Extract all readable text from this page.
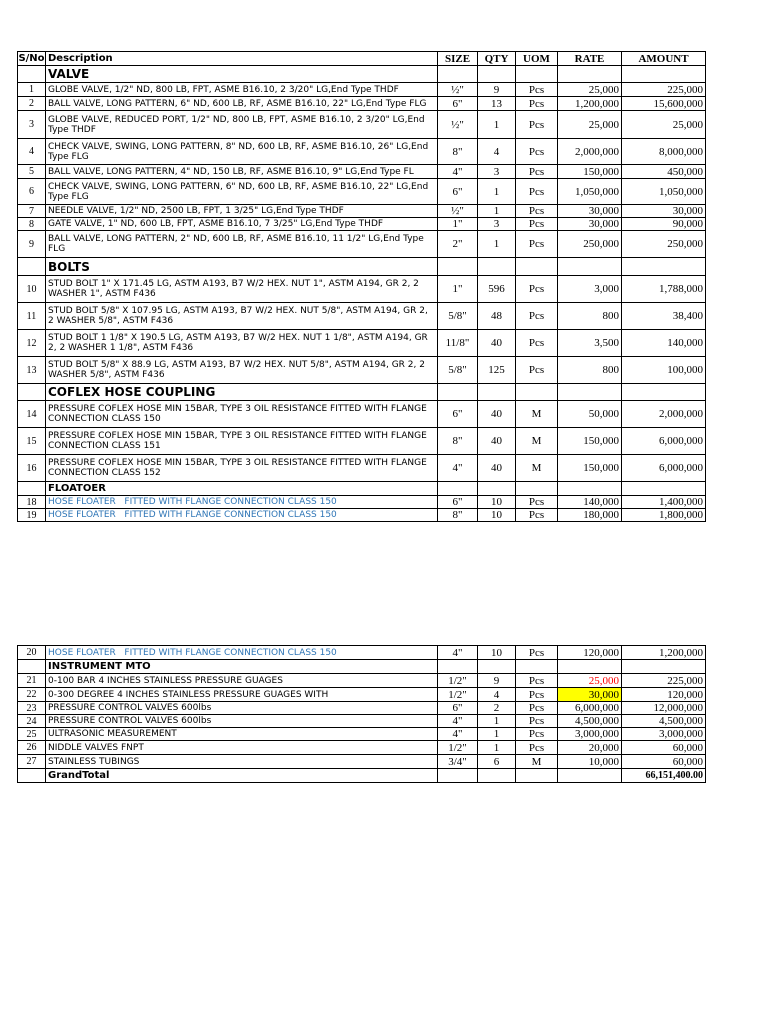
S/No	Description	SIZE	QTY	UOM	RATE	AMOUNT
	VALVE					
1	GLOBE VALVE, 1/2" ND, 800 LB, FPT, ASME B16.10, 2 3/20" LG,End Type THDF	½"	9	Pcs	25,000	225,000
2	BALL VALVE, LONG PATTERN, 6" ND, 600 LB, RF, ASME B16.10, 22" LG,End Type FLG	6"	13	Pcs	1,200,000	15,600,000
3	GLOBE VALVE, REDUCED PORT, 1/2" ND, 800 LB, FPT, ASME B16.10, 2 3/20" LG,End Type THDF	½"	1	Pcs	25,000	25,000
4	CHECK VALVE, SWING, LONG PATTERN, 8" ND, 600 LB, RF, ASME B16.10, 26" LG,End Type FLG	8"	4	Pcs	2,000,000	8,000,000
5	BALL VALVE, LONG PATTERN, 4" ND, 150 LB, RF, ASME B16.10, 9" LG,End Type FL	4"	3	Pcs	150,000	450,000
6	CHECK VALVE, SWING, LONG PATTERN, 6" ND, 600 LB, RF, ASME B16.10, 22" LG,End Type FLG	6"	1	Pcs	1,050,000	1,050,000
7	NEEDLE VALVE, 1/2" ND, 2500 LB, FPT, 1 3/25" LG,End Type THDF	½"	1	Pcs	30,000	30,000
8	GATE VALVE, 1" ND, 600 LB, FPT, ASME B16.10, 7 3/25" LG,End Type THDF	1"	3	Pcs	30,000	90,000
9	BALL VALVE, LONG PATTERN, 2" ND, 600 LB, RF, ASME B16.10, 11 1/2" LG,End Type FLG	2"	1	Pcs	250,000	250,000
	BOLTS					
10	STUD BOLT 1" X 171.45 LG, ASTM A193, B7 W/2 HEX. NUT 1", ASTM A194, GR 2, 2 WASHER 1", ASTM F436	1"	596	Pcs	3,000	1,788,000
11	STUD BOLT 5/8" X 107.95 LG, ASTM A193, B7 W/2 HEX. NUT 5/8", ASTM A194, GR 2, 2 WASHER 5/8", ASTM F436	5/8"	48	Pcs	800	38,400
12	STUD BOLT 1 1/8" X 190.5 LG, ASTM A193, B7 W/2 HEX. NUT 1 1/8", ASTM A194, GR 2, 2 WASHER 1 1/8", ASTM F436	11/8"	40	Pcs	3,500	140,000
13	STUD BOLT 5/8" X 88.9 LG, ASTM A193, B7 W/2 HEX. NUT 5/8", ASTM A194, GR 2, 2 WASHER 5/8", ASTM F436	5/8"	125	Pcs	800	100,000
	COFLEX HOSE COUPLING					
14	PRESSURE COFLEX HOSE MIN 15BAR, TYPE 3 OIL RESISTANCE FITTED WITH FLANGE CONNECTION CLASS 150	6"	40	M	50,000	2,000,000
15	PRESSURE COFLEX HOSE MIN 15BAR, TYPE 3 OIL RESISTANCE FITTED WITH FLANGE CONNECTION CLASS 151	8"	40	M	150,000	6,000,000
16	PRESSURE COFLEX HOSE MIN 15BAR, TYPE 3 OIL RESISTANCE FITTED WITH FLANGE CONNECTION CLASS 152	4"	40	M	150,000	6,000,000
	FLOATOER					
18	HOSE FLOATER   FITTED WITH FLANGE CONNECTION CLASS 150	6"	10	Pcs	140,000	1,400,000
19	HOSE FLOATER   FITTED WITH FLANGE CONNECTION CLASS 150	8"	10	Pcs	180,000	1,800,000
20	HOSE FLOATER   FITTED WITH FLANGE CONNECTION CLASS 150	4"	10	Pcs	120,000	1,200,000
	INSTRUMENT MTO					
21	0-100 BAR 4 INCHES STAINLESS PRESSURE GUAGES	1/2"	9	Pcs	25,000	225,000
22	0-300 DEGREE 4 INCHES STAINLESS PRESSURE GUAGES WITH	1/2"	4	Pcs	30,000	120,000
23	PRESSURE CONTROL VALVES 600lbs	6"	2	Pcs	6,000,000	12,000,000
24	PRESSURE CONTROL VALVES 600lbs	4"	1	Pcs	4,500,000	4,500,000
25	ULTRASONIC MEASUREMENT	4"	1	Pcs	3,000,000	3,000,000
26	NIDDLE VALVES FNPT	1/2"	1	Pcs	20,000	60,000
27	STAINLESS TUBINGS	3/4"	6	M	10,000	60,000
	GrandTotal					66,151,400.00
